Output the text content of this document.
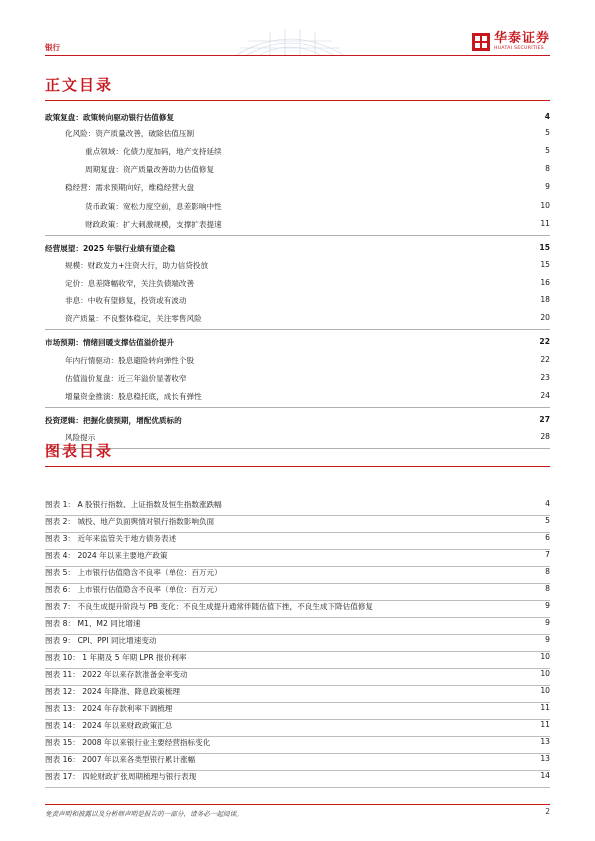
银行
华泰证券
HUATAI SECURITIES
正文目录
政策复盘：政策转向驱动银行估值修复	4
化风险：资产质量改善，破除估值压制	5
重点领域：化债力度加码，地产支持延续	5
周期复盘：资产质量改善助力估值修复	8
稳经营：需求预期向好，维稳经营大盘	9
货币政策：宽松力度空前，息差影响中性	10
财政政策：扩大刺激规模，支撑扩表提速	11
经营展望：2025 年银行业绩有望企稳	15
规模：财政发力+注资大行，助力信贷投放	15
定价：息差降幅收窄，关注负债端改善	16
非息：中收有望修复，投资或有波动	18
资产质量：不良整体稳定，关注零售风险	20
市场预期：情绪回暖支撑估值溢价提升	22
年内行情驱动：股息避险转向弹性个股	22
估值溢价复盘：近三年溢价显著收窄	23
增量资金推演：股息稳托底，成长有弹性	24
投资逻辑：把握化债预期，增配优质标的	27
风险提示	28
图表目录
图表 1： A 股银行指数、上证指数及恒生指数涨跌幅	4
图表 2： 城投、地产负面舆情对银行指数影响负面	5
图表 3： 近年来监管关于地方债务表述	6
图表 4： 2024 年以来主要地产政策	7
图表 5： 上市银行估值隐含不良率（单位：百万元）	8
图表 6： 上市银行估值隐含不良率（单位：百万元）	8
图表 7： 不良生成提升阶段与 PB 变化：不良生成提升通常伴随估值下挫，不良生成下降估值修复	9
图表 8： M1、M2 同比增速	9
图表 9： CPI、PPI 同比增速变动	9
图表 10： 1 年期及 5 年期 LPR 报价利率	10
图表 11： 2022 年以来存款准备金率变动	10
图表 12： 2024 年降准、降息政策梳理	10
图表 13： 2024 年存款利率下调梳理	11
图表 14： 2024 年以来财政政策汇总	11
图表 15： 2008 年以来银行业主要经营指标变化	13
图表 16： 2007 年以来各类型银行累计涨幅	13
图表 17： 四轮财政扩张周期梳理与银行表现	14
免责声明和披露以及分析师声明是报告的一部分，请务必一起阅读。	2
